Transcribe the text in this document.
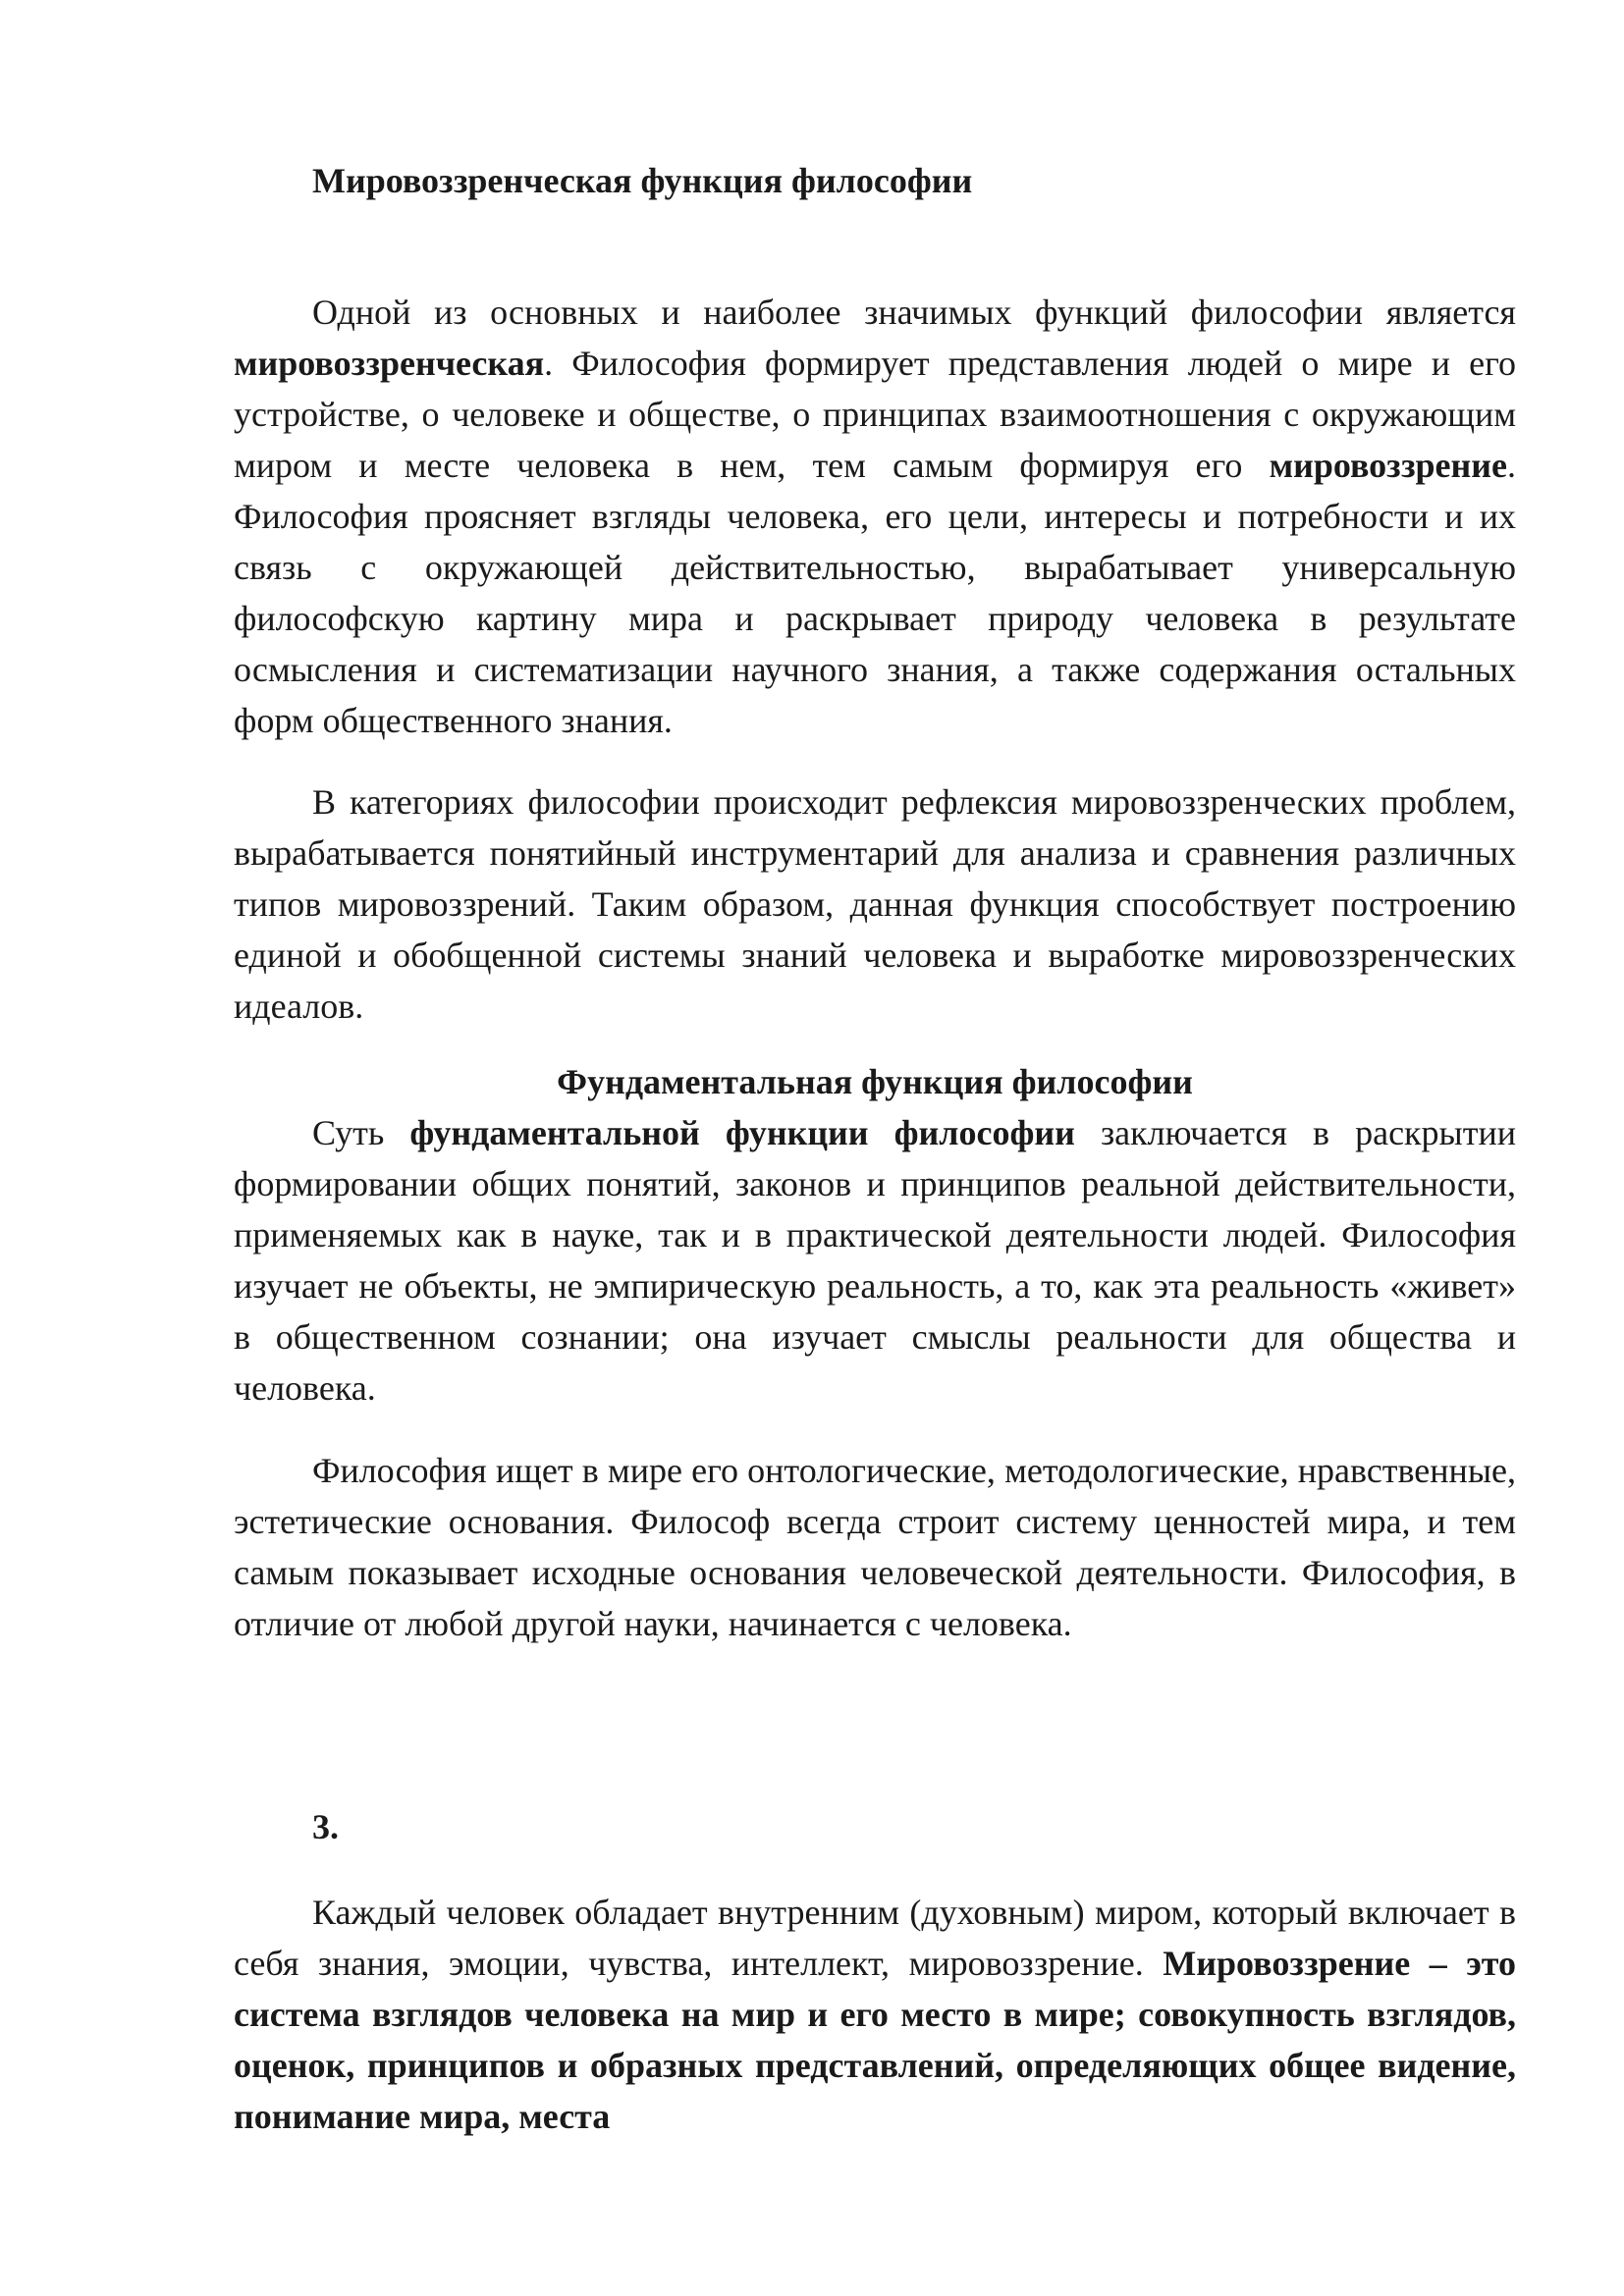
Мировоззренческая функция философии

Одной из основных и наиболее значимых функций философии является мировоззренческая. Философия формирует представления людей о мире и его устройстве, о человеке и обществе, о принципах взаимоотношения с окружающим миром и месте человека в нем, тем самым формируя его мировоззрение. Философия проясняет взгляды человека, его цели, интересы и потребности и их связь с окружающей действительностью, вырабатывает универсальную философскую картину мира и раскрывает природу человека в результате осмысления и систематизации научного знания, а также содержания остальных форм общественного знания.

В категориях философии происходит рефлексия мировоззренческих проблем, вырабатывается понятийный инструментарий для анализа и сравнения различных типов мировоззрений. Таким образом, данная функция способствует построению единой и обобщенной системы знаний человека и выработке мировоззренческих идеалов.

Фундаментальная функция философии

Суть фундаментальной функции философии заключается в раскрытии формировании общих понятий, законов и принципов реальной действительности, применяемых как в науке, так и в практической деятельности людей. Философия изучает не объекты, не эмпирическую реальность, а то, как эта реальность «живет» в общественном сознании; она изучает смыслы реальности для общества и человека.

Философия ищет в мире его онтологические, методологические, нравственные, эстетические основания. Философ всегда строит систему ценностей мира, и тем самым показывает исходные основания человеческой деятельности. Философия, в отличие от любой другой науки, начинается с человека.

3.

Каждый человек обладает внутренним (духовным) миром, который включает в себя знания, эмоции, чувства, интеллект, мировоззрение. Мировоззрение – это система взглядов человека на мир и его место в мире; совокупность взглядов, оценок, принципов и образных представлений, определяющих общее видение, понимание мира, места
